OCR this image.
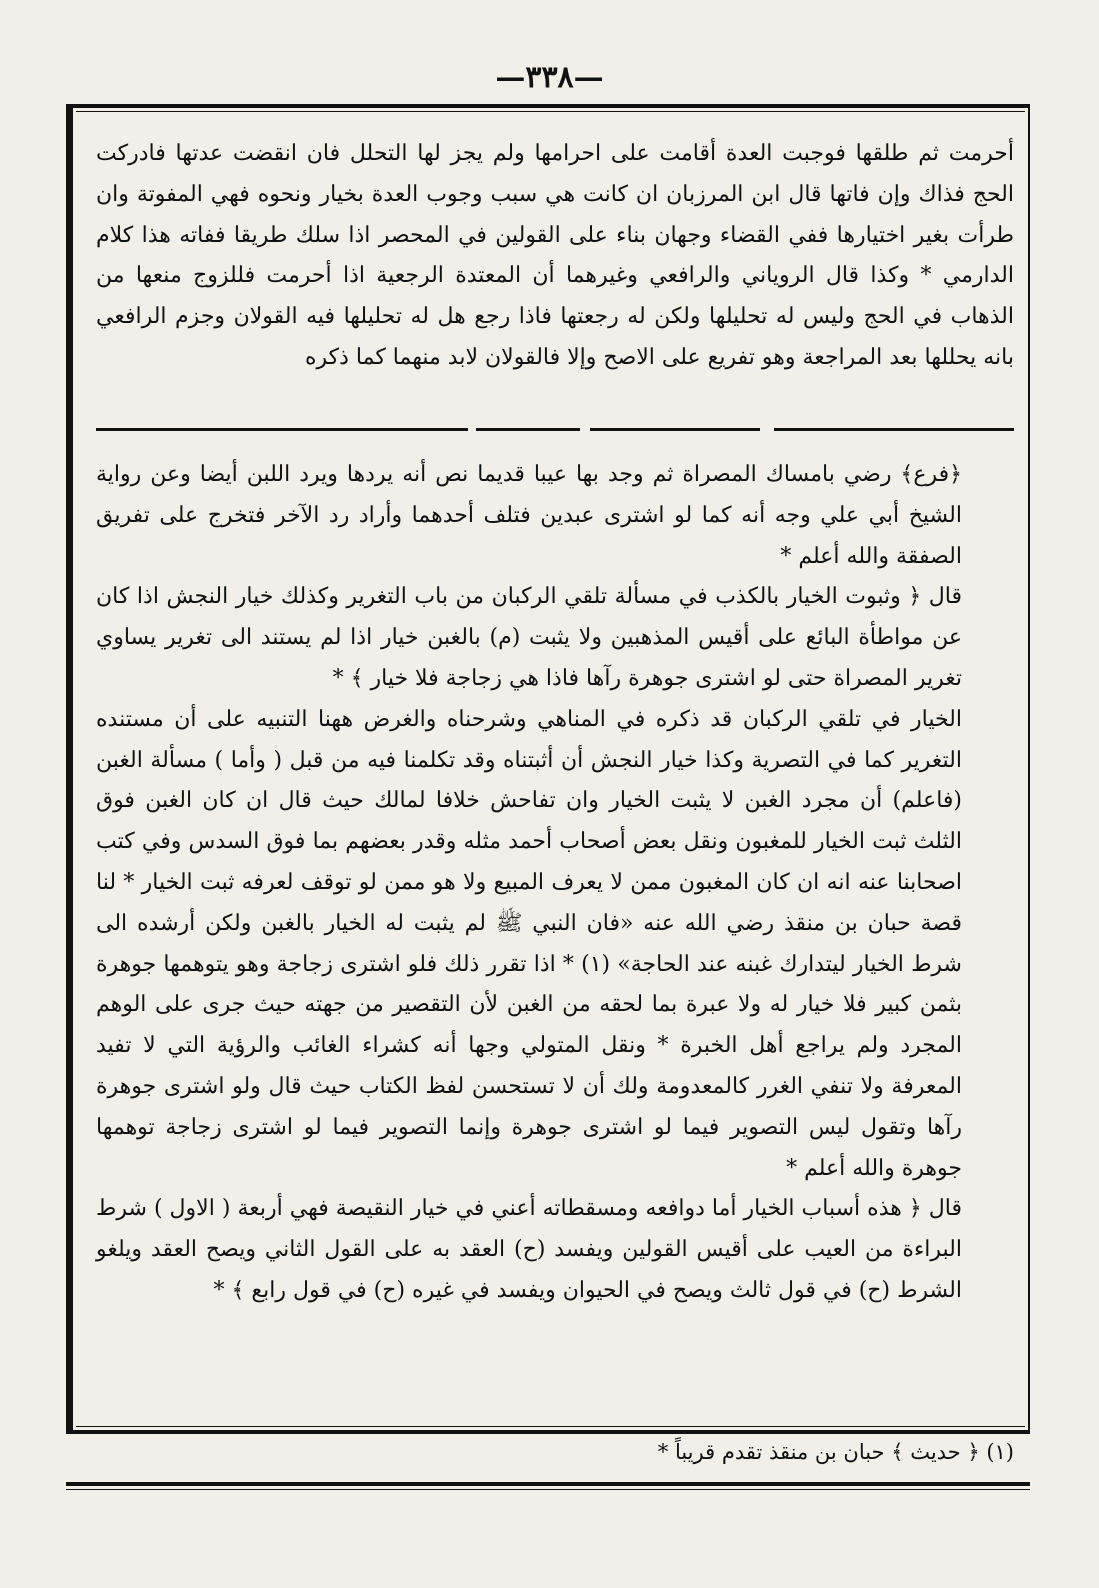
—٣٣٨—

أحرمت ثم طلقها فوجبت العدة أقامت على احرامها ولم يجز لها التحلل فان انقضت عدتها فادركت الحج فذاك وإن فاتها قال ابن المرزبان ان كانت هي سبب وجوب العدة بخيار ونحوه فهي المفوتة وان طرأت بغير اختيارها ففي القضاء وجهان بناء على القولين في المحصر اذا سلك طريقا ففاته هذا كلام الدارمي * وكذا قال الروياني والرافعي وغيرهما أن المعتدة الرجعية اذا أحرمت فللزوج منعها من الذهاب في الحج وليس له تحليلها ولكن له رجعتها فاذا رجع هل له تحليلها فيه القولان وجزم الرافعي بانه يحللها بعد المراجعة وهو تفريع على الاصح وإلا فالقولان لابد منهما كما ذكره

﴿فرع﴾ رضي بامساك المصراة ثم وجد بها عيبا قديما نص أنه يردها ويرد اللبن أيضا وعن رواية الشيخ أبي علي وجه أنه كما لو اشترى عبدين فتلف أحدهما وأراد رد الآخر فتخرج على تفريق الصفقة والله أعلم *

قال ﴿ وثبوت الخيار بالكذب في مسألة تلقي الركبان من باب التغرير وكذلك خيار النجش اذا كان عن مواطأة البائع على أقيس المذهبين ولا يثبت (م) بالغبن خيار اذا لم يستند الى تغرير يساوي تغرير المصراة حتى لو اشترى جوهرة رآها فاذا هي زجاجة فلا خيار ﴾ *

الخيار في تلقي الركبان قد ذكره في المناهي وشرحناه والغرض ههنا التنبيه على أن مستنده التغرير كما في التصرية وكذا خيار النجش أن أثبتناه وقد تكلمنا فيه من قبل ( وأما ) مسألة الغبن (فاعلم) أن مجرد الغبن لا يثبت الخيار وان تفاحش خلافا لمالك حيث قال ان كان الغبن فوق الثلث ثبت الخيار للمغبون ونقل بعض أصحاب أحمد مثله وقدر بعضهم بما فوق السدس وفي كتب اصحابنا عنه انه ان كان المغبون ممن لا يعرف المبيع ولا هو ممن لو توقف لعرفه ثبت الخيار * لنا قصة حبان بن منقذ رضي الله عنه «فان النبي ﷺ لم يثبت له الخيار بالغبن ولكن أرشده الى شرط الخيار ليتدارك غبنه عند الحاجة» (١) * اذا تقرر ذلك فلو اشترى زجاجة وهو يتوهمها جوهرة بثمن كبير فلا خيار له ولا عبرة بما لحقه من الغبن لأن التقصير من جهته حيث جرى على الوهم المجرد ولم يراجع أهل الخبرة * ونقل المتولي وجها أنه كشراء الغائب والرؤية التي لا تفيد المعرفة ولا تنفي الغرر كالمعدومة ولك أن لا تستحسن لفظ الكتاب حيث قال ولو اشترى جوهرة رآها وتقول ليس التصوير فيما لو اشترى جوهرة وإنما التصوير فيما لو اشترى زجاجة توهمها جوهرة والله أعلم *

قال ﴿ هذه أسباب الخيار أما دوافعه ومسقطاته أعني في خيار النقيصة فهي أربعة ( الاول ) شرط البراءة من العيب على أقيس القولين ويفسد (ح) العقد به على القول الثاني ويصح العقد ويلغو الشرط (ح) في قول ثالث ويصح في الحيوان ويفسد في غيره (ح) في قول رابع ﴾ *

(١) ﴿ حديث ﴾ حبان بن منقذ تقدم قريباً *
